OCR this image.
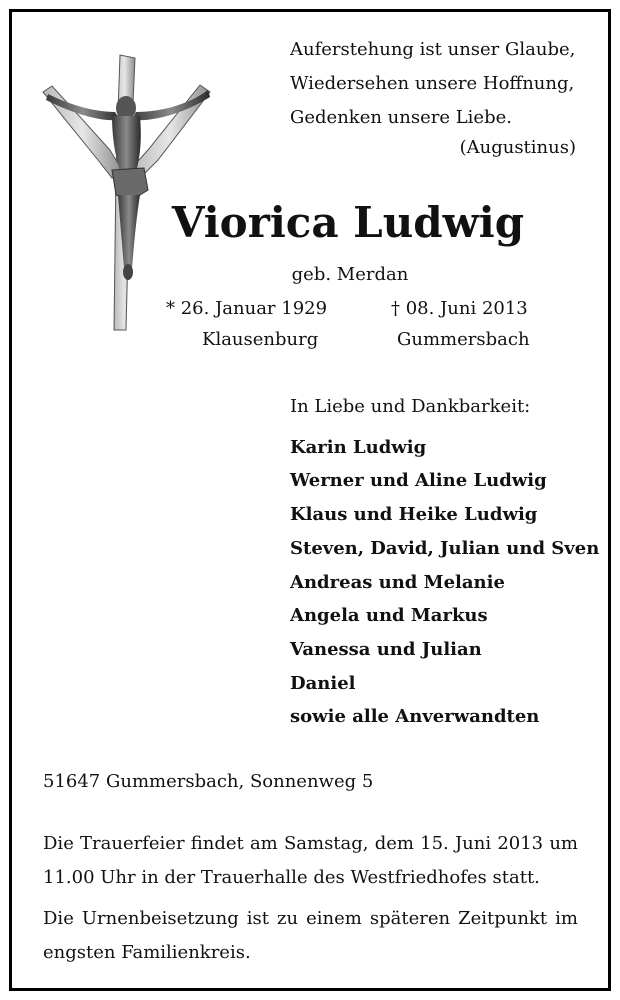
Auferstehung ist unser Glaube,
Wiedersehen unsere Hoffnung,
Gedenken unsere Liebe.
(Augustinus)
Viorica Ludwig
geb. Merdan
* 26. Januar 1929
Klausenburg
† 08. Juni 2013
Gummersbach
In Liebe und Dankbarkeit:
Karin Ludwig
Werner und Aline Ludwig
Klaus und Heike Ludwig
Steven, David, Julian und Sven
Andreas und Melanie
Angela und Markus
Vanessa und Julian
Daniel
sowie alle Anverwandten
51647 Gummersbach, Sonnenweg 5
Die Trauerfeier findet am Samstag, dem 15. Juni 2013 um 11.00 Uhr in der Trauerhalle des Westfriedhofes statt.
Die Urnenbeisetzung ist zu einem späteren Zeitpunkt im engsten Familienkreis.
